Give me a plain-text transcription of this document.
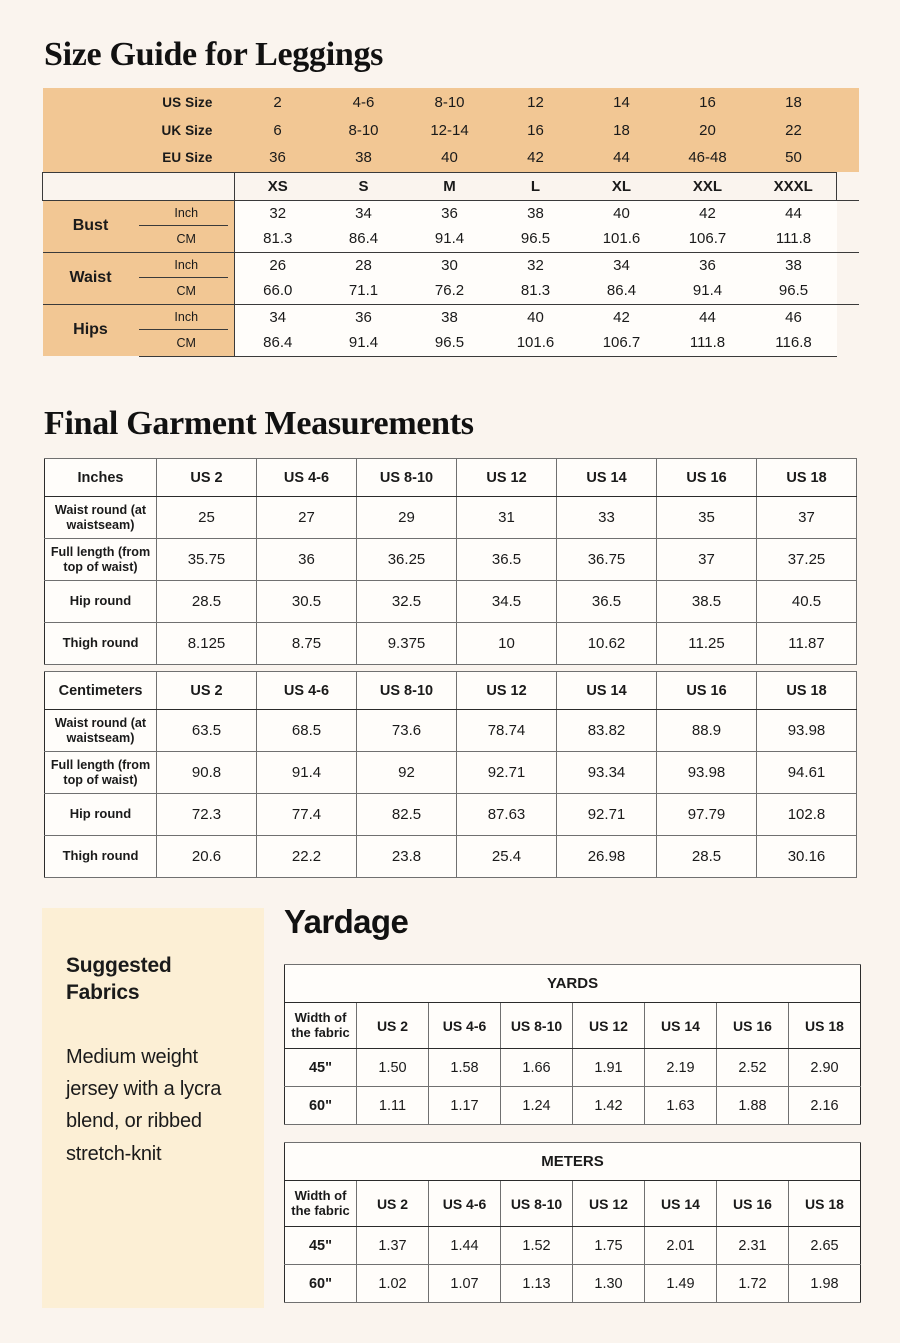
Size Guide for Leggings
US Size		2	4-6	8-10	12	14	16	18	
UK Size		6	8-10	12-14	16	18	20	22	
EU Size		36	38	40	42	44	46-48	50	
		XS	S	M	L	XL	XXL	XXXL	
Bust	Inch	32	34	36	38	40	42	44	
	CM	81.3	86.4	91.4	96.5	101.6	106.7	111.8	
Waist	Inch	26	28	30	32	34	36	38	
	CM	66.0	71.1	76.2	81.3	86.4	91.4	96.5	
Hips	Inch	34	36	38	40	42	44	46	
	CM	86.4	91.4	96.5	101.6	106.7	111.8	116.8	
Final Garment Measurements
Inches	US 2	US 4-6	US 8-10	US 12	US 14	US 16	US 18
Waist round (at waistseam)	25	27	29	31	33	35	37
Full length (from top of waist)	35.75	36	36.25	36.5	36.75	37	37.25
Hip round	28.5	30.5	32.5	34.5	36.5	38.5	40.5
Thigh round	8.125	8.75	9.375	10	10.62	11.25	11.87
Centimeters	US 2	US 4-6	US 8-10	US 12	US 14	US 16	US 18
Waist round (at waistseam)	63.5	68.5	73.6	78.74	83.82	88.9	93.98
Full length (from top of waist)	90.8	91.4	92	92.71	93.34	93.98	94.61
Hip round	72.3	77.4	82.5	87.63	92.71	97.79	102.8
Thigh round	20.6	22.2	23.8	25.4	26.98	28.5	30.16
Suggested Fabrics

Medium weight jersey with a lycra blend, or ribbed stretch-knit

Yardage
YARDS							
Width of the fabric	US 2	US 4-6	US 8-10	US 12	US 14	US 16	US 18
45"	1.50	1.58	1.66	1.91	2.19	2.52	2.90
60"	1.11	1.17	1.24	1.42	1.63	1.88	2.16
METERS							
Width of the fabric	US 2	US 4-6	US 8-10	US 12	US 14	US 16	US 18
45"	1.37	1.44	1.52	1.75	2.01	2.31	2.65
60"	1.02	1.07	1.13	1.30	1.49	1.72	1.98
